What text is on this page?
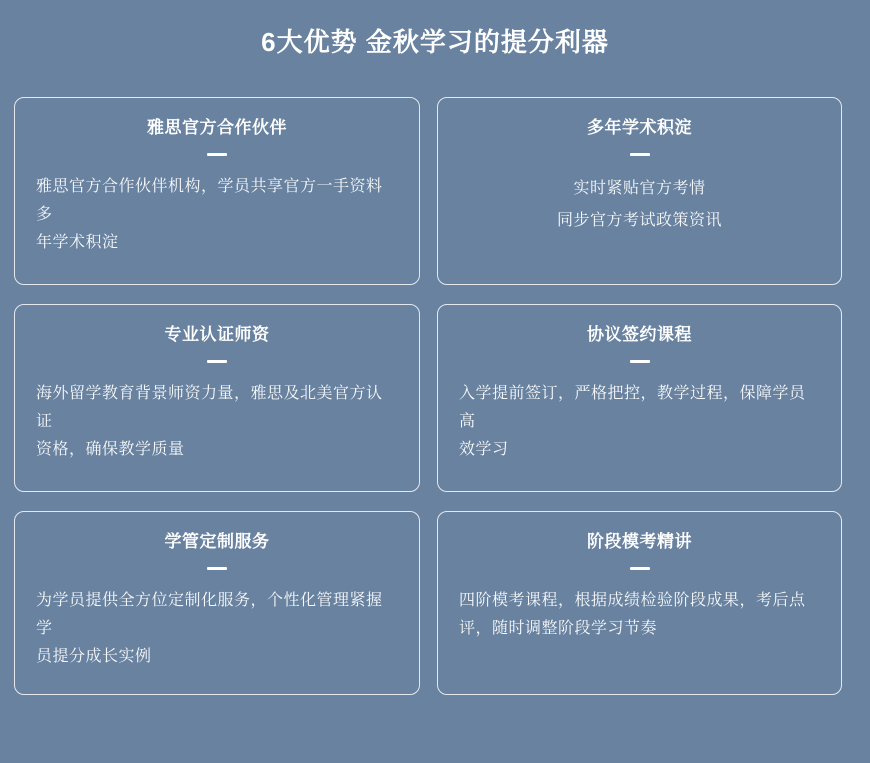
6大优势 金秋学习的提分利器
雅思官方合作伙伴
雅思官方合作伙伴机构，学员共享官方一手资料多
年学术积淀
多年学术积淀
实时紧贴官方考情
同步官方考试政策资讯
专业认证师资
海外留学教育背景师资力量，雅思及北美官方认证
资格，确保教学质量
协议签约课程
入学提前签订，严格把控，教学过程，保障学员高
效学习
学管定制服务
为学员提供全方位定制化服务，个性化管理紧握学
员提分成长实例
阶段模考精讲
四阶模考课程，根据成绩检验阶段成果，考后点
评，随时调整阶段学习节奏
